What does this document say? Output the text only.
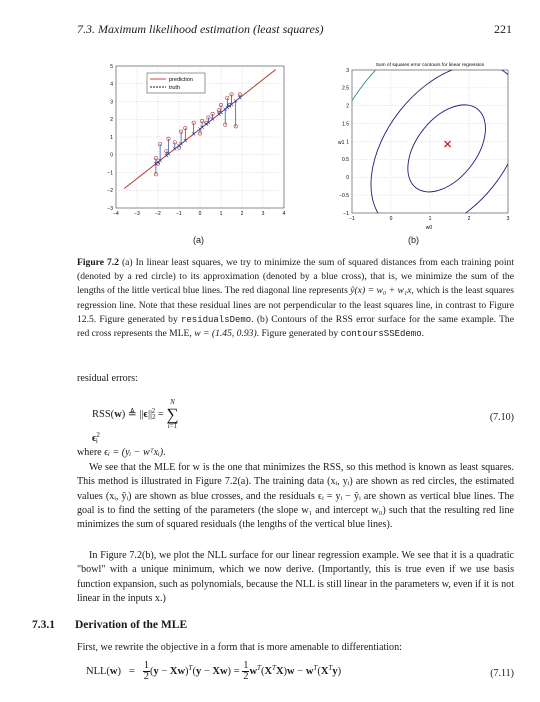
7.3. Maximum likelihood estimation (least squares)	221
−4	−3	−2	−1	0	1	2	3	4
5
4
3
2
1
0
−1
−2
−3
prediction
truth
(a)
Sum of squares error contours for linear regression
−1	0	1	2	3
3
2.5
2
1.5
1
0.5
0
−0.5
−1
w1
w0
(b)
Figure 7.2 (a) In linear least squares, we try to minimize the sum of squared distances from each training point (denoted by a red circle) to its approximation (denoted by a blue cross), that is, we minimize the sum of the lengths of the little vertical blue lines. The red diagonal line represents ŷ(x) = w₀ + w₁x, which is the least squares regression line. Note that these residual lines are not perpendicular to the least squares line, in contrast to Figure 12.5. Figure generated by residualsDemo. (b) Contours of the RSS error surface for the same example. The red cross represents the MLE, w = (1.45, 0.93). Figure generated by contoursSSEdemo.
residual errors:
RSS(w) ≜ $||\epsilon||_2^2$ =
N
∑
i=1
$\epsilon^2_i$
(7.10)
where ϵᵢ = (yᵢ − wᵀxᵢ).
We see that the MLE for w is the one that minimizes the RSS, so this method is known as least squares. This method is illustrated in Figure 7.2(a). The training data (xᵢ, yᵢ) are shown as red circles, the estimated values (xᵢ, ŷᵢ) are shown as blue crosses, and the residuals ϵᵢ = yᵢ − ŷᵢ are shown as vertical blue lines. The goal is to find the setting of the parameters (the slope w₁ and intercept w₀) such that the resulting red line minimizes the sum of squared residuals (the lengths of the vertical blue lines).
In Figure 7.2(b), we plot the NLL surface for our linear regression example. We see that it is a quadratic "bowl" with a unique minimum, which we now derive. (Importantly, this is true even if we use basis function expansion, such as polynomials, because the NLL is still linear in the parameters w, even if it is not linear in the inputs x.)
7.3.1 Derivation of the MLE
First, we rewrite the objective in a form that is more amenable to differentiation:
$NLL(w) = \frac{1}{2} (y - Xw)^T(y - Xw) = \frac{1}{2} w^T(X^TX)w - w^T(X^Ty)$	(7.11)
